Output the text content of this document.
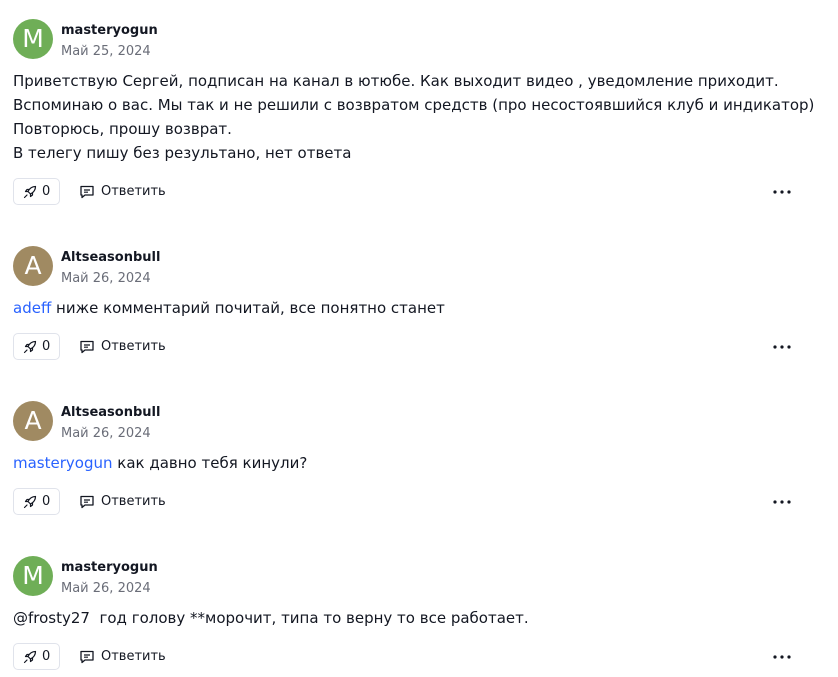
M	masteryogun
Май 25, 2024
Приветствую Сергей, подписан на канал в ютюбе. Как выходит видео , уведомление приходит.
Вспоминаю о вас. Мы так и не решили с возвратом средств (про несостоявшийся клуб и индикатор)
Повторюсь, прошу возврат.
В телегу пишу без результано, нет ответа
0	Ответить
A	Altseasonbull
Май 26, 2024
adeff ниже комментарий почитай, все понятно станет
0	Ответить
A	Altseasonbull
Май 26, 2024
masteryogun как давно тебя кинули?
0	Ответить
M	masteryogun
Май 26, 2024
@frosty27  год голову **морочит, типа то верну то все работает.
0	Ответить
